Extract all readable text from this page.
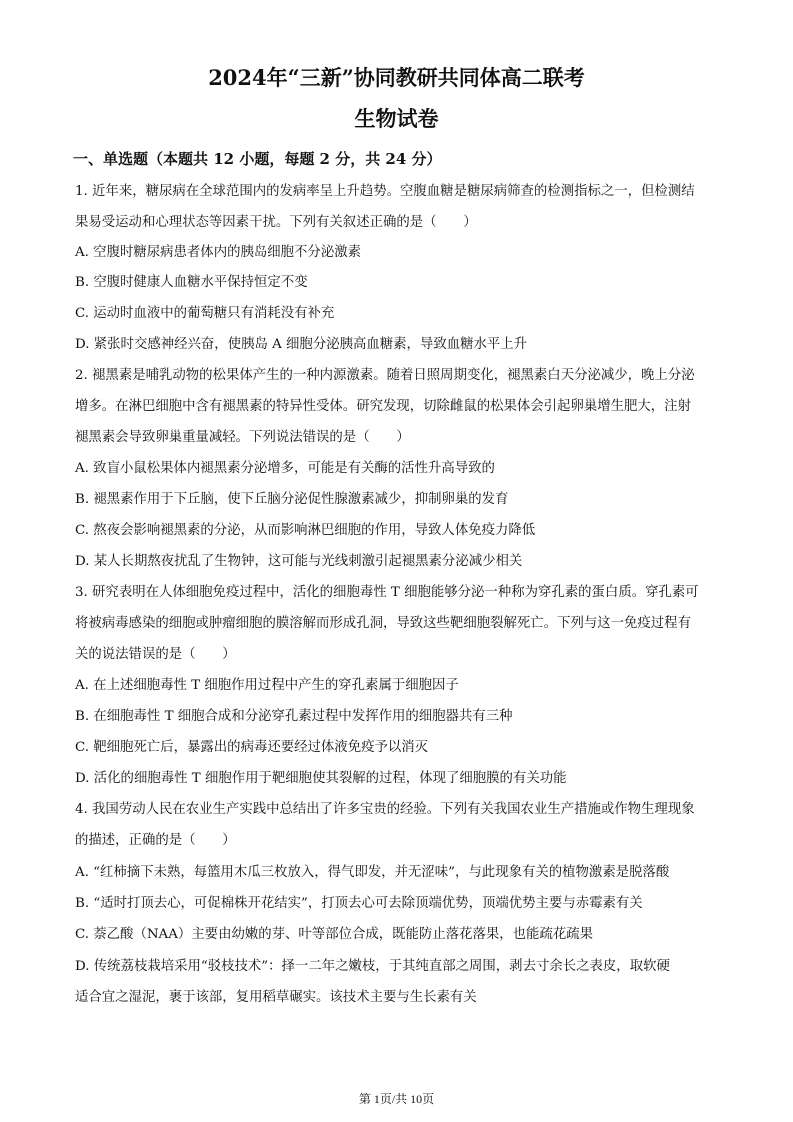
2024年“三新”协同教研共同体高二联考
生物试卷
一、单选题（本题共 12 小题，每题 2 分，共 24 分）
1. 近年来，糖尿病在全球范围内的发病率呈上升趋势。空腹血糖是糖尿病筛查的检测指标之一，但检测结
果易受运动和心理状态等因素干扰。下列有关叙述正确的是（　　）
A. 空腹时糖尿病患者体内的胰岛细胞不分泌激素
B. 空腹时健康人血糖水平保持恒定不变
C. 运动时血液中的葡萄糖只有消耗没有补充
D. 紧张时交感神经兴奋，使胰岛 A 细胞分泌胰高血糖素，导致血糖水平上升
2. 褪黑素是哺乳动物的松果体产生的一种内源激素。随着日照周期变化，褪黑素白天分泌减少，晚上分泌
增多。在淋巴细胞中含有褪黑素的特异性受体。研究发现，切除雌鼠的松果体会引起卵巢增生肥大，注射
褪黑素会导致卵巢重量减轻。下列说法错误的是（　　）
A. 致盲小鼠松果体内褪黑素分泌增多，可能是有关酶的活性升高导致的
B. 褪黑素作用于下丘脑，使下丘脑分泌促性腺激素减少，抑制卵巢的发育
C. 熬夜会影响褪黑素的分泌，从而影响淋巴细胞的作用，导致人体免疫力降低
D. 某人长期熬夜扰乱了生物钟，这可能与光线刺激引起褪黑素分泌减少相关
3. 研究表明在人体细胞免疫过程中，活化的细胞毒性 T 细胞能够分泌一种称为穿孔素的蛋白质。穿孔素可
将被病毒感染的细胞或肿瘤细胞的膜溶解而形成孔洞，导致这些靶细胞裂解死亡。下列与这一免疫过程有
关的说法错误的是（　　）
A. 在上述细胞毒性 T 细胞作用过程中产生的穿孔素属于细胞因子
B. 在细胞毒性 T 细胞合成和分泌穿孔素过程中发挥作用的细胞器共有三种
C. 靶细胞死亡后，暴露出的病毒还要经过体液免疫予以消灭
D. 活化的细胞毒性 T 细胞作用于靶细胞使其裂解的过程，体现了细胞膜的有关功能
4. 我国劳动人民在农业生产实践中总结出了许多宝贵的经验。下列有关我国农业生产措施或作物生理现象
的描述，正确的是（　　）
A. “红柿摘下未熟，每篮用木瓜三枚放入，得气即发，并无涩味”，与此现象有关的植物激素是脱落酸
B. “适时打顶去心，可促棉株开花结实”，打顶去心可去除顶端优势，顶端优势主要与赤霉素有关
C. 萘乙酸（NAA）主要由幼嫩的芽、叶等部位合成，既能防止落花落果，也能疏花疏果
D. 传统荔枝栽培采用“驳枝技术”：择一二年之嫩枝，于其纯直部之周围，剥去寸余长之表皮，取软硬
适合宜之湿泥，裹于该部，复用稻草碾实。该技术主要与生长素有关
第 1页/共 10页
